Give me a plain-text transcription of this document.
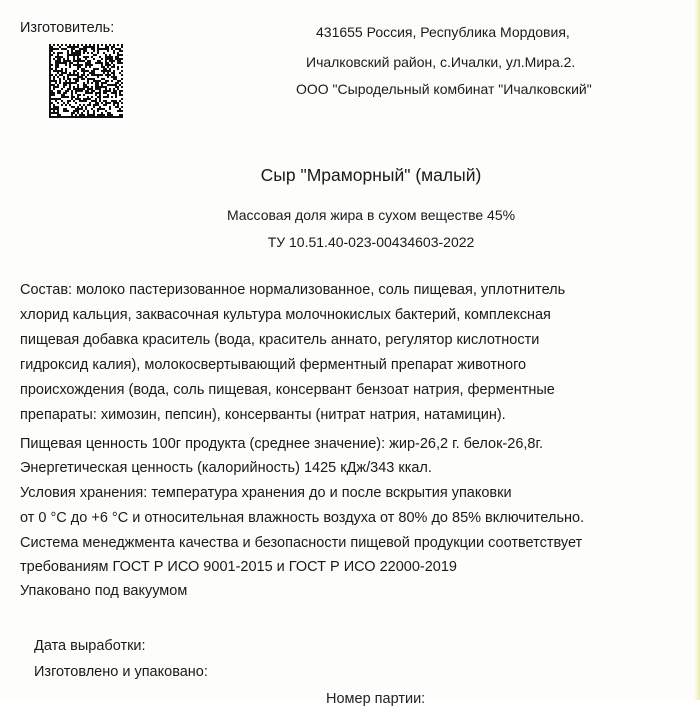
Изготовитель:	431655 Россия, Республика Мордовия,
Ичалковский район, с.Ичалки, ул.Мира.2.
ООО "Сыродельный комбинат "Ичалковский"
Сыр "Мраморный" (малый)
Массовая доля жира в сухом веществе 45%
ТУ 10.51.40-023-00434603-2022
Состав: молоко пастеризованное нормализованное, соль пищевая, уплотнитель
хлорид кальция, заквасочная культура молочнокислых бактерий, комплексная
пищевая добавка краситель (вода, краситель аннато, регулятор кислотности
гидроксид калия), молокосвертывающий ферментный препарат животного
происхождения (вода, соль пищевая, консервант бензоат натрия, ферментные
препараты: химозин, пепсин), консерванты (нитрат натрия, натамицин).
Пищевая ценность 100г продукта (среднее значение): жир-26,2 г. белок-26,8г.
Энергетическая ценность (калорийность) 1425 кДж/343 ккал.
Условия хранения: температура хранения до и после вскрытия упаковки
от 0 °С до +6 °С и относительная влажность воздуха от 80% до 85% включительно.
Система менеджмента качества и безопасности пищевой продукции соответствует
требованиям ГОСТ Р ИСО 9001-2015 и ГОСТ Р ИСО 22000-2019
Упаковано под вакуумом
Дата выработки:
Изготовлено и упаковано:
Номер партии:
